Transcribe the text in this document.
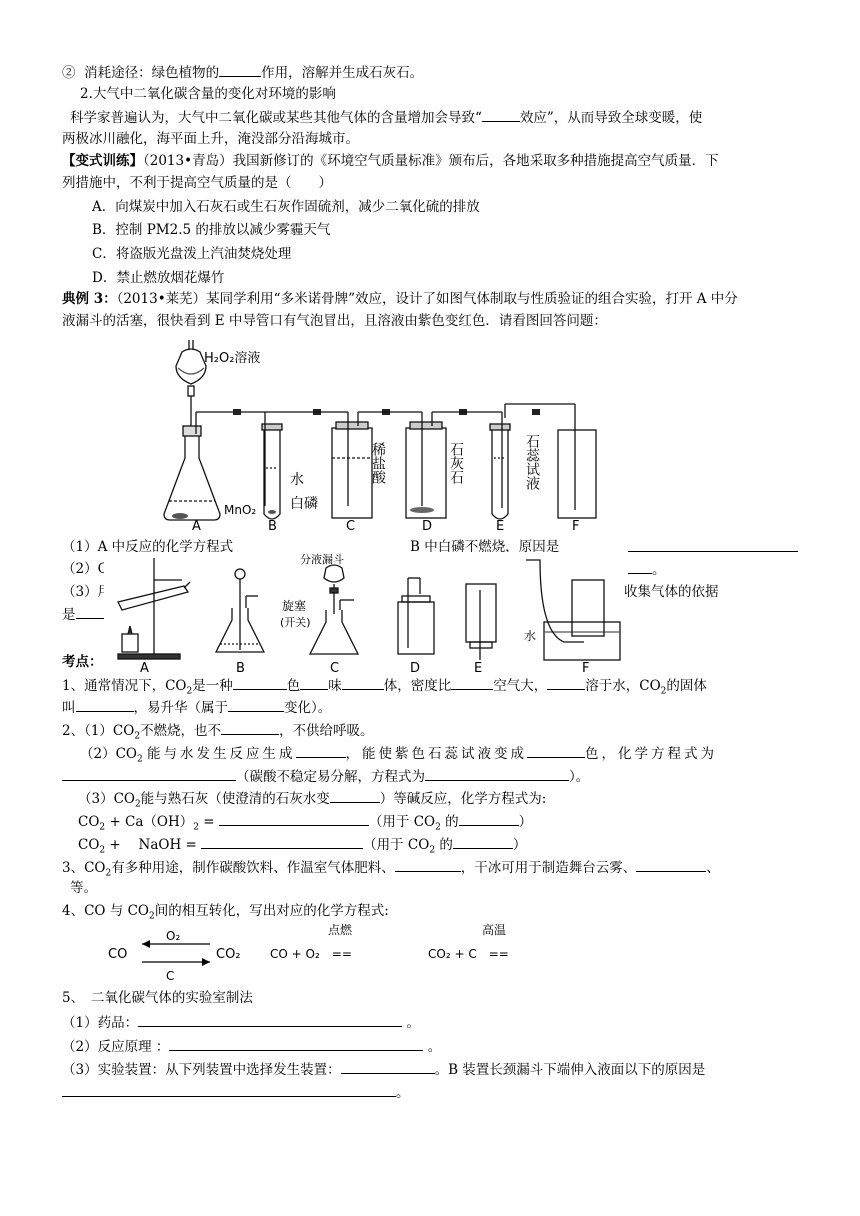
② 消耗途径：绿色植物的	作用，溶解并生成石灰石。
2.大气中二氧化碳含量的变化对环境的影响
科学家普遍认为，大气中二氧化碳或某些其他气体的含量增加会导致“	效应”，从而导致全球变暖，使
两极冰川融化，海平面上升，淹没部分沿海城市。
【变式训练】（2013•青岛）我国新修订的《环境空气质量标准》颁布后，各地采取多种措施提高空气质量．下
列措施中，不利于提高空气质量的是（　　）
A．向煤炭中加入石灰石或生石灰作固硫剂，减少二氧化硫的排放
B．控制 PM2.5 的排放以减少雾霾天气
C．将盗版光盘泼上汽油焚烧处理
D．禁止燃放烟花爆竹
典例 3：（2013•莱芜）某同学利用“多米诺骨牌”效应，设计了如图气体制取与性质验证的组合实验，打开 A 中分
液漏斗的活塞，很快看到 E 中导管口有气泡冒出，且溶液由紫色变红色．请看图回答问题：
H₂O₂溶液
MnO₂
水
白磷
稀盐酸	石灰石	石蕊试液
A	B	C	D	E	F
（1）A 中反应的化学方程式	B 中白磷不燃烧，原因是
（2）C	。
（3）用	收集气体的依据
是
分液漏斗
旋塞
(开关)
水
A	B	C	D	E	F
考点：
1、通常情况下，$CO_2$是一种	色 味	体，密度比	空气大，	溶于水，$CO_2$的固体
叫	，易升华（属于	变化）。
2、$(1)CO_2$不燃烧，也不	，不供给呼吸。
$(2)CO_2$ 能与水发生反应生成	，能使紫色石蕊试液变成	色，化学方程式为
（碳酸不稳定易分解，方程式为	）。
$(3)CO_2$能与熟石灰（使澄清的石灰水变	）等碱反应，化学方程式为:
$CO_2 + Ca(OH)_2$ =	（用于 $CO_2$ 的	）
$CO_2$ +　 NaOH =	（用于 $CO_2$ 的	）
3、$CO_2$有多种用途，制作碳酸饮料、作温室气体肥料、	，干冰可用于制造舞台云雾、	、
等。
4、CO 与 $CO_2$间的相互转化，写出对应的化学方程式:
O₂
CO	CO₂
C
点燃
CO + O₂　==
高温
CO₂ + C　==
5、　二氧化碳气体的实验室制法
（1）药品：	。
（2）反应原理 ：	。
（3）实验装置：从下列装置中选择发生装置：	。B 装置长颈漏斗下端伸入液面以下的原因是
。
